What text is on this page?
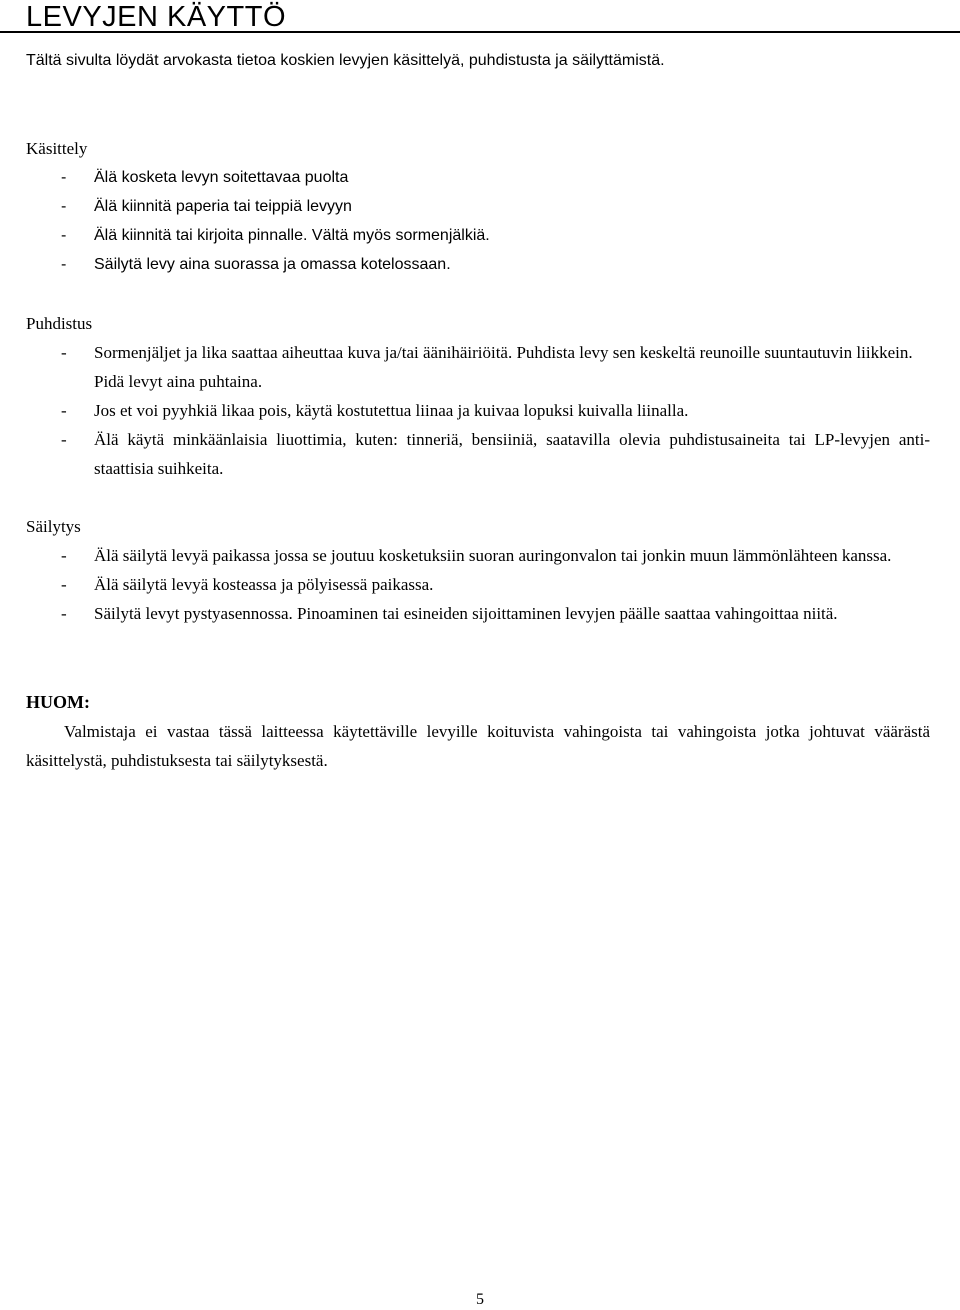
LEVYJEN KÄYTTÖ
Tältä sivulta löydät arvokasta tietoa koskien levyjen käsittelyä, puhdistusta ja säilyttämistä.
Käsittely
- Älä kosketa levyn soitettavaa puolta
- Älä kiinnitä paperia tai teippiä levyyn
- Älä kiinnitä tai kirjoita pinnalle. Vältä myös sormenjälkiä.
- Säilytä levy aina suorassa ja omassa kotelossaan.
Puhdistus
- Sormenjäljet ja lika saattaa aiheuttaa kuva ja/tai äänihäiriöitä. Puhdista levy sen keskeltä reunoille suuntautuvin liikkein. Pidä levyt aina puhtaina.
- Jos et voi pyyhkiä likaa pois, käytä kostutettua liinaa ja kuivaa lopuksi kuivalla liinalla.
- Älä käytä minkäänlaisia liuottimia, kuten: tinneriä, bensiiniä, saatavilla olevia puhdistusaineita tai LP-levyjen anti-staattisia suihkeita.
Säilytys
- Älä säilytä levyä paikassa jossa se joutuu kosketuksiin suoran auringonvalon tai jonkin muun lämmönlähteen kanssa.
- Älä säilytä levyä kosteassa ja pölyisessä paikassa.
- Säilytä levyt pystyasennossa. Pinoaminen tai esineiden sijoittaminen levyjen päälle saattaa vahingoittaa niitä.
HUOM:
Valmistaja ei vastaa tässä laitteessa käytettäville levyille koituvista vahingoista tai vahingoista jotka johtuvat väärästä käsittelystä, puhdistuksesta tai säilytyksestä.
5
